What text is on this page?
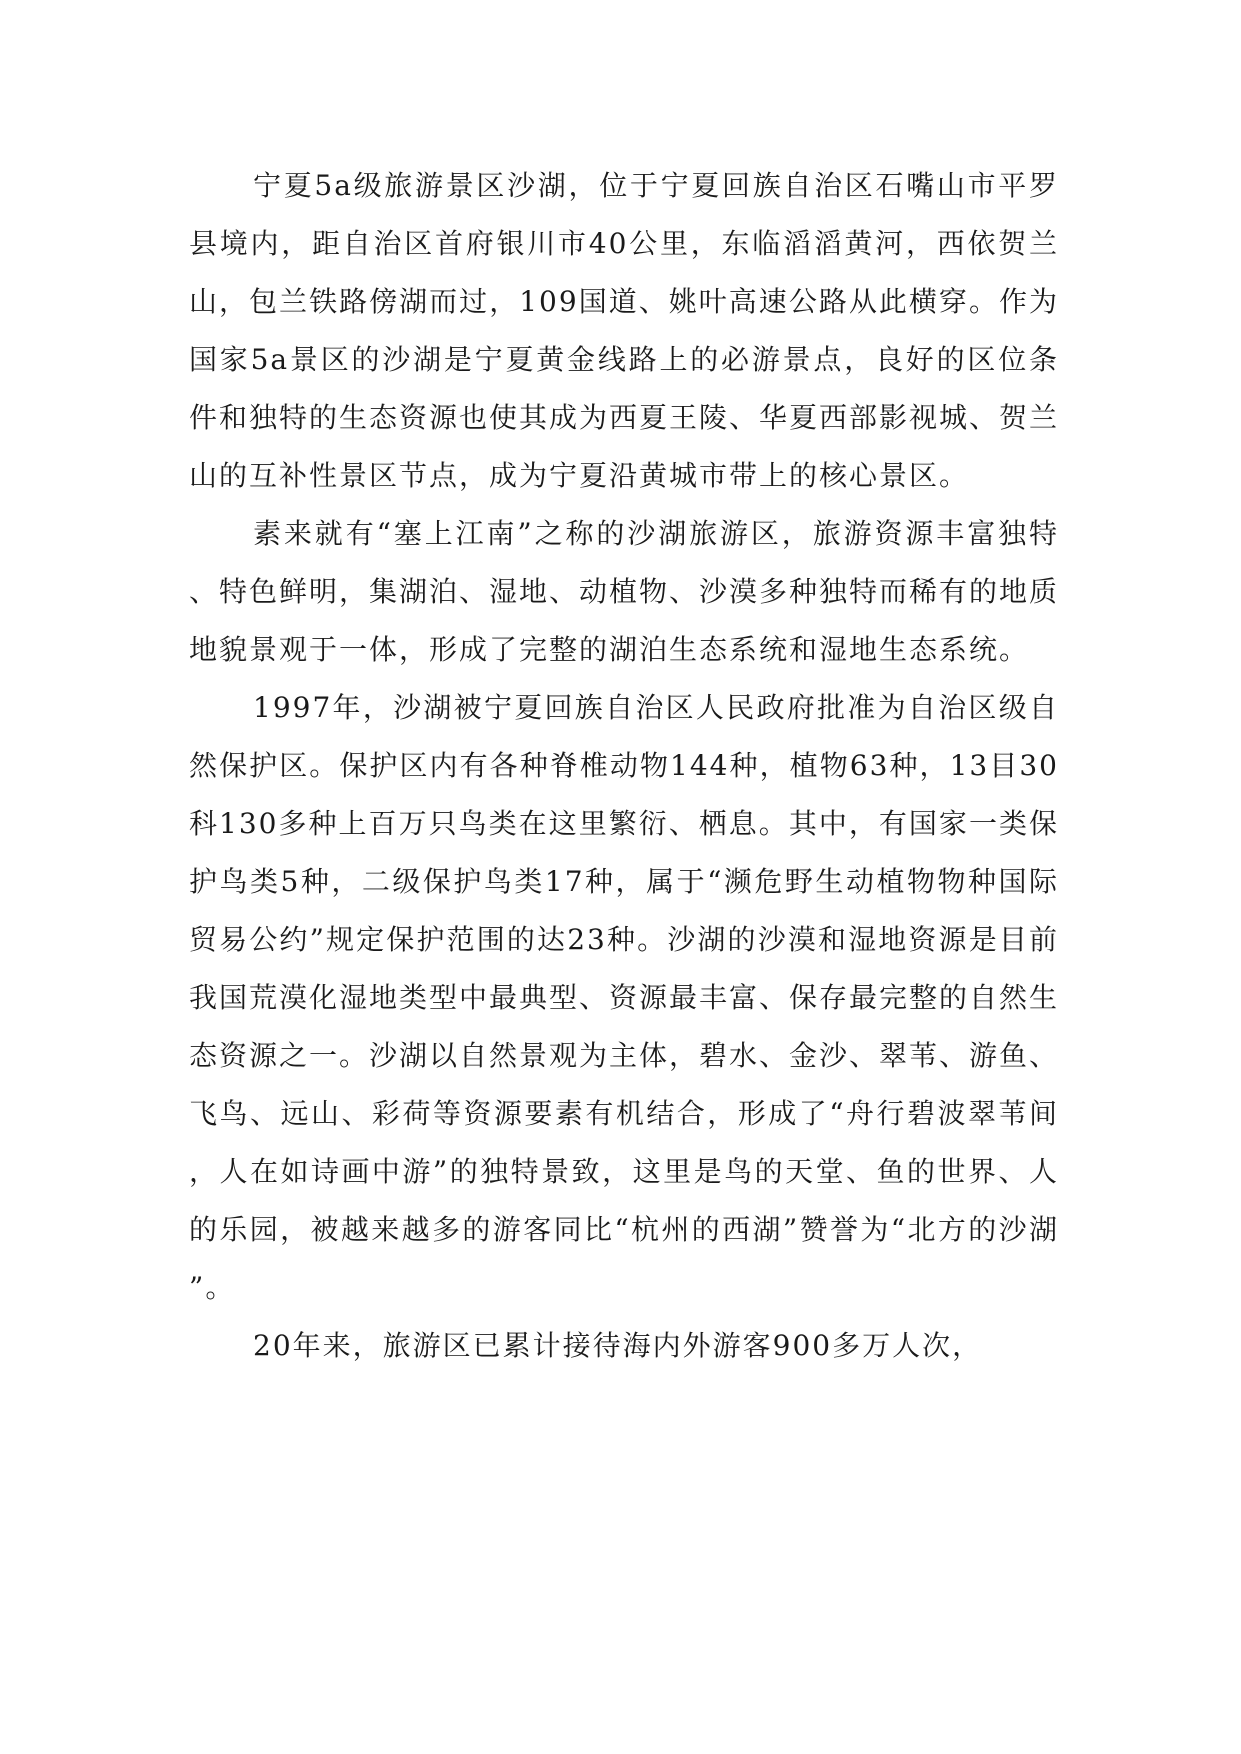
宁夏5a级旅游景区沙湖，位于宁夏回族自治区石嘴山市平罗县境内，距自治区首府银川市40公里，东临滔滔黄河，西依贺兰山，包兰铁路傍湖而过，109国道、姚叶高速公路从此横穿。作为国家5a景区的沙湖是宁夏黄金线路上的必游景点，良好的区位条件和独特的生态资源也使其成为西夏王陵、华夏西部影视城、贺兰山的互补性景区节点，成为宁夏沿黄城市带上的核心景区。

素来就有“塞上江南”之称的沙湖旅游区，旅游资源丰富独特、特色鲜明，集湖泊、湿地、动植物、沙漠多种独特而稀有的地质地貌景观于一体，形成了完整的湖泊生态系统和湿地生态系统。

1997年，沙湖被宁夏回族自治区人民政府批准为自治区级自然保护区。保护区内有各种脊椎动物144种，植物63种，13目30科130多种上百万只鸟类在这里繁衍、栖息。其中，有国家一类保护鸟类5种，二级保护鸟类17种，属于“濒危野生动植物物种国际贸易公约”规定保护范围的达23种。沙湖的沙漠和湿地资源是目前我国荒漠化湿地类型中最典型、资源最丰富、保存最完整的自然生态资源之一。沙湖以自然景观为主体，碧水、金沙、翠苇、游鱼、飞鸟、远山、彩荷等资源要素有机结合，形成了“舟行碧波翠苇间，人在如诗画中游”的独特景致，这里是鸟的天堂、鱼的世界、人的乐园，被越来越多的游客同比“杭州的西湖”赞誉为“北方的沙湖”。

20年来，旅游区已累计接待海内外游客900多万人次，
